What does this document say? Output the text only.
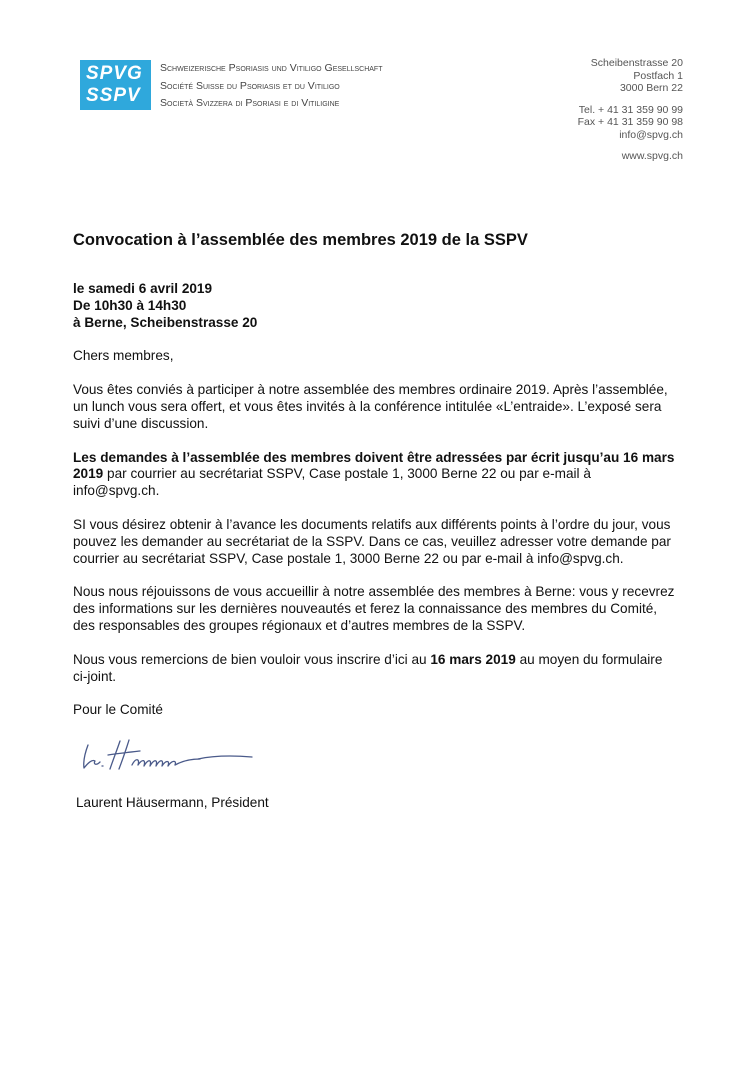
SPVG
SSPV
Schweizerische Psoriasis und Vitiligo Gesellschaft
Société Suisse du Psoriasis et du Vitiligo
Società Svizzera di Psoriasi e di Vitiligine
Scheibenstrasse 20
Postfach 1
3000 Bern 22
Tel. + 41 31 359 90 99
Fax + 41 31 359 90 98
info@spvg.ch
www.spvg.ch
Convocation à l’assemblée des membres 2019 de la SSPV
le samedi 6 avril 2019
De 10h30 à 14h30
à Berne, Scheibenstrasse 20

Chers membres,

Vous êtes conviés à participer à notre assemblée des membres ordinaire 2019. Après l’assemblée, un lunch vous sera offert, et vous êtes invités à la conférence intitulée «L’entraide». L’exposé sera suivi d’une discussion.

Les demandes à l’assemblée des membres doivent être adressées par écrit jusqu’au 16 mars 2019 par courrier au secrétariat SSPV, Case postale 1, 3000 Berne 22 ou par e-mail à info@spvg.ch.

SI vous désirez obtenir à l’avance les documents relatifs aux différents points à l’ordre du jour, vous pouvez les demander au secrétariat de la SSPV. Dans ce cas, veuillez adresser votre demande par courrier au secrétariat SSPV, Case postale 1, 3000 Berne 22 ou par e-mail à info@spvg.ch.

Nous nous réjouissons de vous accueillir à notre assemblée des membres à Berne: vous y recevrez des informations sur les dernières nouveautés et ferez la connaissance des membres du Comité, des responsables des groupes régionaux et d’autres membres de la SSPV.

Nous vous remercions de bien vouloir vous inscrire d’ici au 16 mars 2019 au moyen du formulaire ci-joint.

Pour le Comité

Laurent Häusermann, Président
